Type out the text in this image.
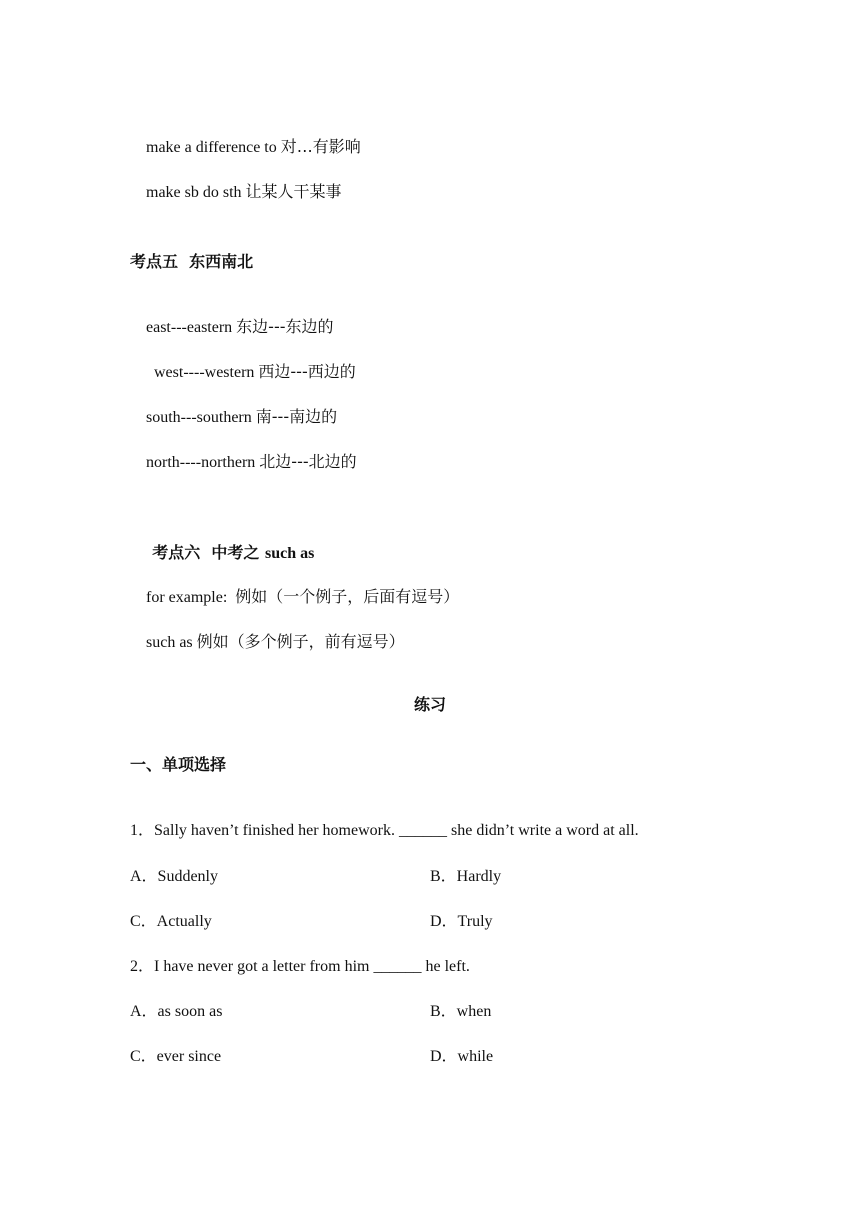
make a difference to 对…有影响

make sb do sth 让某人干某事

考点五  东西南北

east---eastern 东边---东边的

west----western 西边---西边的

south---southern 南---南边的

north----northern 北边---北边的

考点六  中考之 such as

for example:  例如（一个例子，后面有逗号）

such as 例如（多个例子，前有逗号）

练习
一、单项选择
1．Sally haven’t finished her homework. ______ she didn’t write a word at all.
A．Suddenly	B．Hardly
C．Actually	D．Truly
2．I have never got a letter from him ______ he left.
A．as soon as	B．when
C．ever since	D．while
